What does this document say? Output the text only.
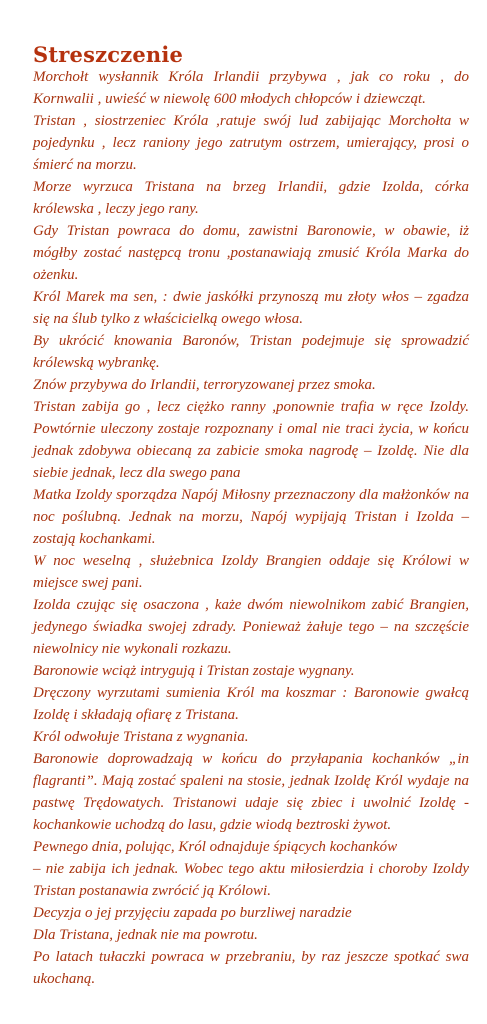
Streszczenie

Morchołt wysłannik Króla Irlandii przybywa , jak co roku , do Kornwalii , uwieść w niewolę 600 młodych chłopców i dziewcząt.

Tristan , siostrzeniec Króla ,ratuje swój lud zabijając Morchołta w pojedynku , lecz ranionу jego zatrutym ostrzem, umierający, prosi o śmierć na morzu.

Morze wyrzuca Tristana na brzeg Irlandii, gdzie Izolda, córka królewska , leczy jego rany.

Gdy Tristan powraca do domu, zawistni Baronowie, w obawie, iż mógłby zostać następcą tronu ,postanawiają zmusić Króla Marka do ożenku.

Król Marek ma sen, : dwie jaskółki przynoszą mu złoty włos – zgadza się na ślub tylko z właścicielką owego włosa.

By ukrócić knowania Baronów, Tristan podejmuje się sprowadzić królewską wybrankę.

Znów przybywa do Irlandii, terroryzowanej przez smoka.

Tristan zabija go , lecz ciężko ranny ,ponownie trafia w ręce Izoldy. Powtórnie uleczony zostaje rozpoznany i omal nie traci życia, w końcu jednak zdobywa obiecaną za zabicie smoka nagrodę – Izoldę. Nie dla siebie jednak, lecz dla swego pana

Matka Izoldy sporządza Napój Miłosny przeznaczony dla małżonków na noc poślubną. Jednak na morzu, Napój wypijają Tristan i Izolda – zostają kochankami.

W noc weselną , służebnica Izoldy Brangien oddaje się Królowi w miejsce swej pani.

Izolda czując się osaczona , każe dwóm niewolnikom zabić Brangien, jedynego świadka swojej zdrady. Ponieważ żałuje tego – na szczęście niewolnicy nie wykonali rozkazu.

Baronowie wciąż intrygują i Tristan zostaje wygnany.

Dręczony wyrzutami sumienia Król ma koszmar : Baronowie gwałcą Izoldę i składają ofiarę z Tristana.

Król odwołuje Tristana z wygnania.

Baronowie doprowadzają w końcu do przyłapania kochanków „in flagranti”. Mają zostać spaleni na stosie, jednak Izoldę Król wydaje na pastwę Trędowatych. Tristanowi udaje się zbiec i uwolnić Izoldę - kochankowie uchodzą do lasu, gdzie wiodą beztroski żywot.

Pewnego dnia, polując, Król odnajduje śpiących kochanków

– nie zabija ich jednak. Wobec tego aktu miłosierdzia i choroby Izoldy Tristan postanawia zwrócić ją Królowi.

Decyzja o jej przyjęciu zapada po burzliwej naradzie

Dla Tristana, jednak nie ma powrotu.

Po latach tułaczki powraca w przebraniu, by raz jeszcze spotkać swa ukochaną.
